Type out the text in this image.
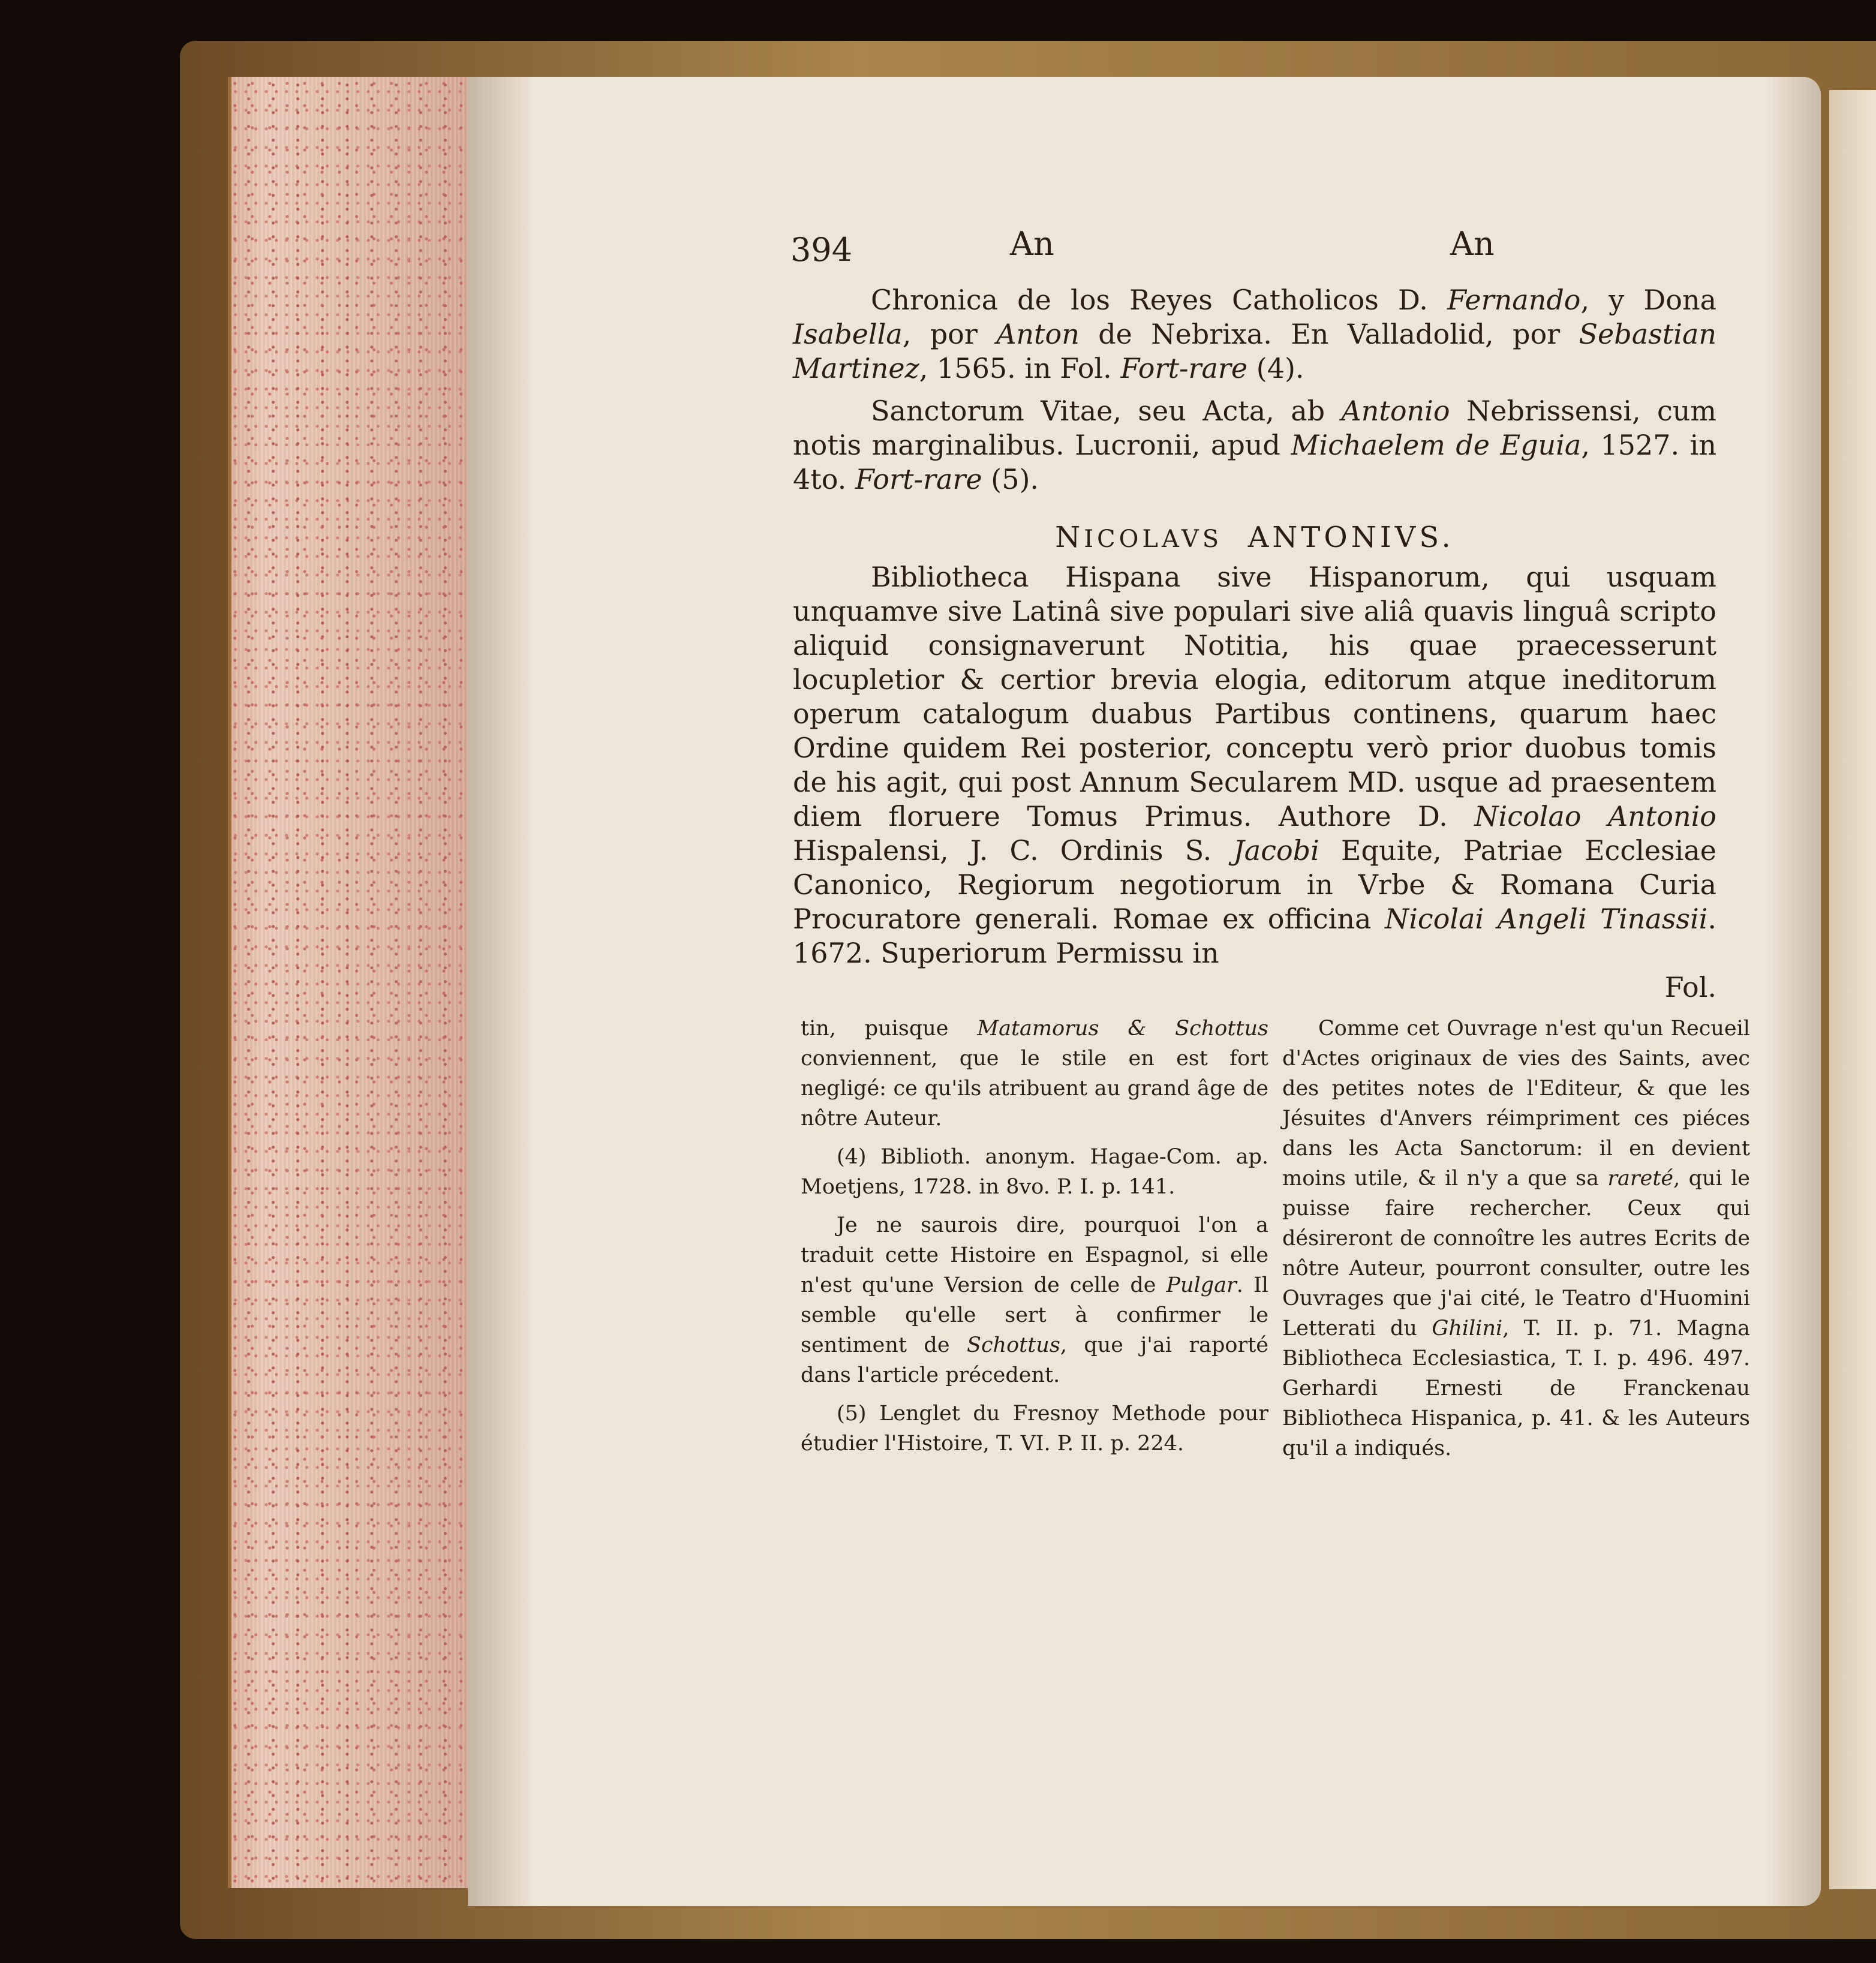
394	An	An

Chronica de los Reyes Catholicos D. Fernando, y Dona Isabella, por Anton de Nebrixa. En Valladolid, por Sebastian Martinez, 1565. in Fol. Fort-rare (4).

Sanctorum Vitae, seu Acta, ab Antonio Nebrissensi, cum notis marginalibus. Lucronii, apud Michaelem de Eguia, 1527. in 4to. Fort-rare (5).

NICOLAVS ANTONIVS.

Bibliotheca Hispana sive Hispanorum, qui usquam unquamve sive Latinâ sive populari sive aliâ quavis linguâ scripto aliquid consignaverunt Notitia, his quae praecesserunt locupletior & certior brevia elogia, editorum atque ineditorum operum catalogum duabus Partibus continens, quarum haec Ordine quidem Rei posterior, conceptu verò prior duobus tomis de his agit, qui post Annum Secularem MD. usque ad praesentem diem floruere Tomus Primus. Authore D. Nicolao Antonio Hispalensi, J. C. Ordinis S. Jacobi Equite, Patriae Ecclesiae Canonico, Regiorum negotiorum in Vrbe & Romana Curia Procuratore generali. Romae ex officina Nicolai Angeli Tinassii. 1672. Superiorum Permissu in

Fol.

tin, puisque Matamorus & Schottus conviennent, que le stile en est fort negligé: ce qu'ils atribuent au grand âge de nôtre Auteur.

(4) Biblioth. anonym. Hagae-Com. ap. Moetjens, 1728. in 8vo. P. I. p. 141.

Je ne saurois dire, pourquoi l'on a traduit cette Histoire en Espagnol, si elle n'est qu'une Version de celle de Pulgar. Il semble qu'elle sert à confirmer le sentiment de Schottus, que j'ai raporté dans l'article précedent.

(5) Lenglet du Fresnoy Methode pour étudier l'Histoire, T. VI. P. II. p. 224.

Comme cet Ouvrage n'est qu'un Recueil d'Actes originaux de vies des Saints, avec des petites notes de l'Editeur, & que les Jésuites d'Anvers réimpriment ces piéces dans les Acta Sanctorum: il en devient moins utile, & il n'y a que sa rareté, qui le puisse faire rechercher. Ceux qui désireront de connoître les autres Ecrits de nôtre Auteur, pourront consulter, outre les Ouvrages que j'ai cité, le Teatro d'Huomini Letterati du Ghilini, T. II. p. 71. Magna Bibliotheca Ecclesiastica, T. I. p. 496. 497. Gerhardi Ernesti de Franckenau Bibliotheca Hispanica, p. 41. & les Auteurs qu'il a indiqués.
